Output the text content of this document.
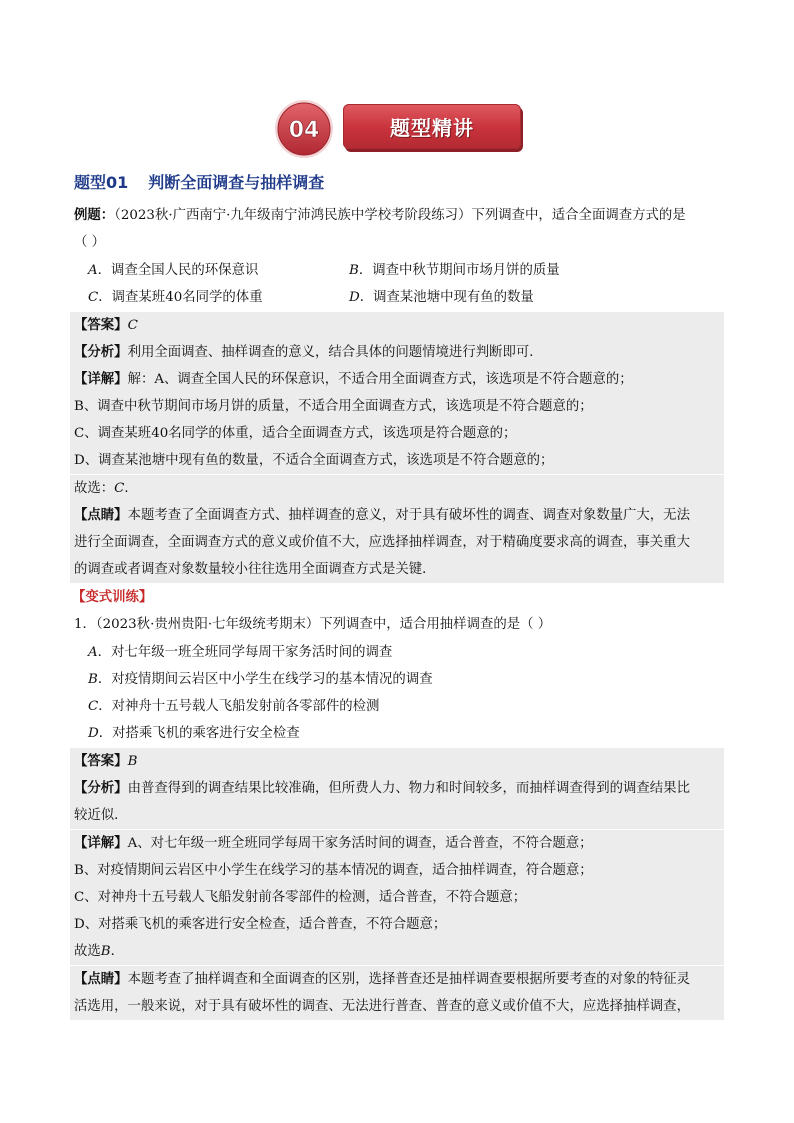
04	题型精讲
题型01 判断全面调查与抽样调查
例题：（2023秋·广西南宁·九年级南宁沛鸿民族中学校考阶段练习）下列调查中，适合全面调查方式的是
（ ）
A．调查全国人民的环保意识	B．调查中秋节期间市场月饼的质量
C．调查某班40名同学的体重	D．调查某池塘中现有鱼的数量
【答案】C
【分析】利用全面调查、抽样调查的意义，结合具体的问题情境进行判断即可．
【详解】解：A、调查全国人民的环保意识，不适合用全面调查方式，该选项是不符合题意的；
B、调查中秋节期间市场月饼的质量，不适合用全面调查方式，该选项是不符合题意的；
C、调查某班40名同学的体重，适合全面调查方式，该选项是符合题意的；
D、调查某池塘中现有鱼的数量，不适合全面调查方式，该选项是不符合题意的；
故选：C．
【点睛】本题考查了全面调查方式、抽样调查的意义，对于具有破坏性的调查、调查对象数量广大，无法
进行全面调查，全面调查方式的意义或价值不大，应选择抽样调查，对于精确度要求高的调查，事关重大
的调查或者调查对象数量较小往往选用全面调查方式是关键．
【变式训练】
1．（2023秋·贵州贵阳·七年级统考期末）下列调查中，适合用抽样调查的是（ ）
A．对七年级一班全班同学每周干家务活时间的调查
B．对疫情期间云岩区中小学生在线学习的基本情况的调查
C．对神舟十五号载人飞船发射前各零部件的检测
D．对搭乘飞机的乘客进行安全检查
【答案】B
【分析】由普查得到的调查结果比较准确，但所费人力、物力和时间较多，而抽样调查得到的调查结果比
较近似．
【详解】A、对七年级一班全班同学每周干家务活时间的调查，适合普查，不符合题意；
B、对疫情期间云岩区中小学生在线学习的基本情况的调查，适合抽样调查，符合题意；
C、对神舟十五号载人飞船发射前各零部件的检测，适合普查，不符合题意；
D、对搭乘飞机的乘客进行安全检查，适合普查，不符合题意；
故选B．
【点睛】本题考查了抽样调查和全面调查的区别，选择普查还是抽样调查要根据所要考查的对象的特征灵
活选用，一般来说，对于具有破坏性的调查、无法进行普查、普查的意义或价值不大，应选择抽样调查，
